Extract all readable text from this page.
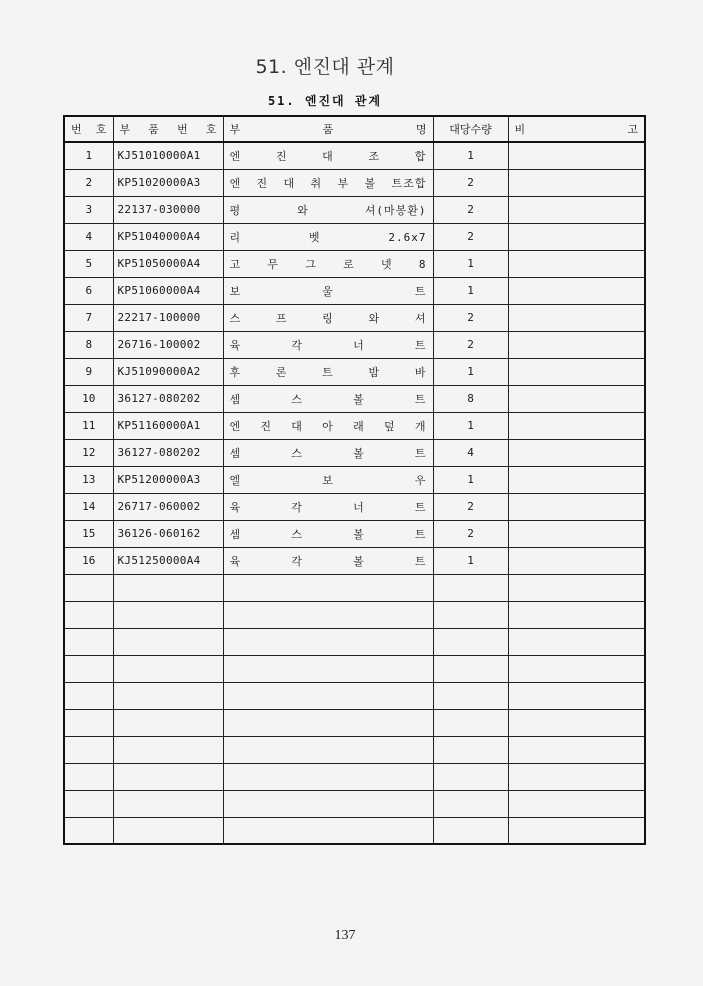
51. 엔진대 관계
51. 엔진대 관계
번 호	부 품 번 호	부 품 명	대당수량	비 고
1	KJ51010000A1	엔 진 대 조 합	1	
2	KP51020000A3	엔 진 대 취 부 볼 트조합	2	
3	22137-030000	평 와 셔(마봉환)	2	
4	KP51040000A4	리 벳 2.6x7	2	
5	KP51050000A4	고 무 그 로 넷 8	1	
6	KP51060000A4	보 울 트	1	
7	22217-100000	스 프 링 와 셔	2	
8	26716-100002	육 각 너 트	2	
9	KJ51090000A2	후 론 트 밤 바	1	
10	36127-080202	셈 스 볼 트	8	
11	KP51160000A1	엔 진 대 아 래 덮 개	1	
12	36127-080202	셈 스 볼 트	4	
13	KP51200000A3	엘 보 우	1	
14	26717-060002	육 각 너 트	2	
15	36126-060162	셈 스 볼 트	2	
16	KJ51250000A4	육 각 볼 트	1	

137
